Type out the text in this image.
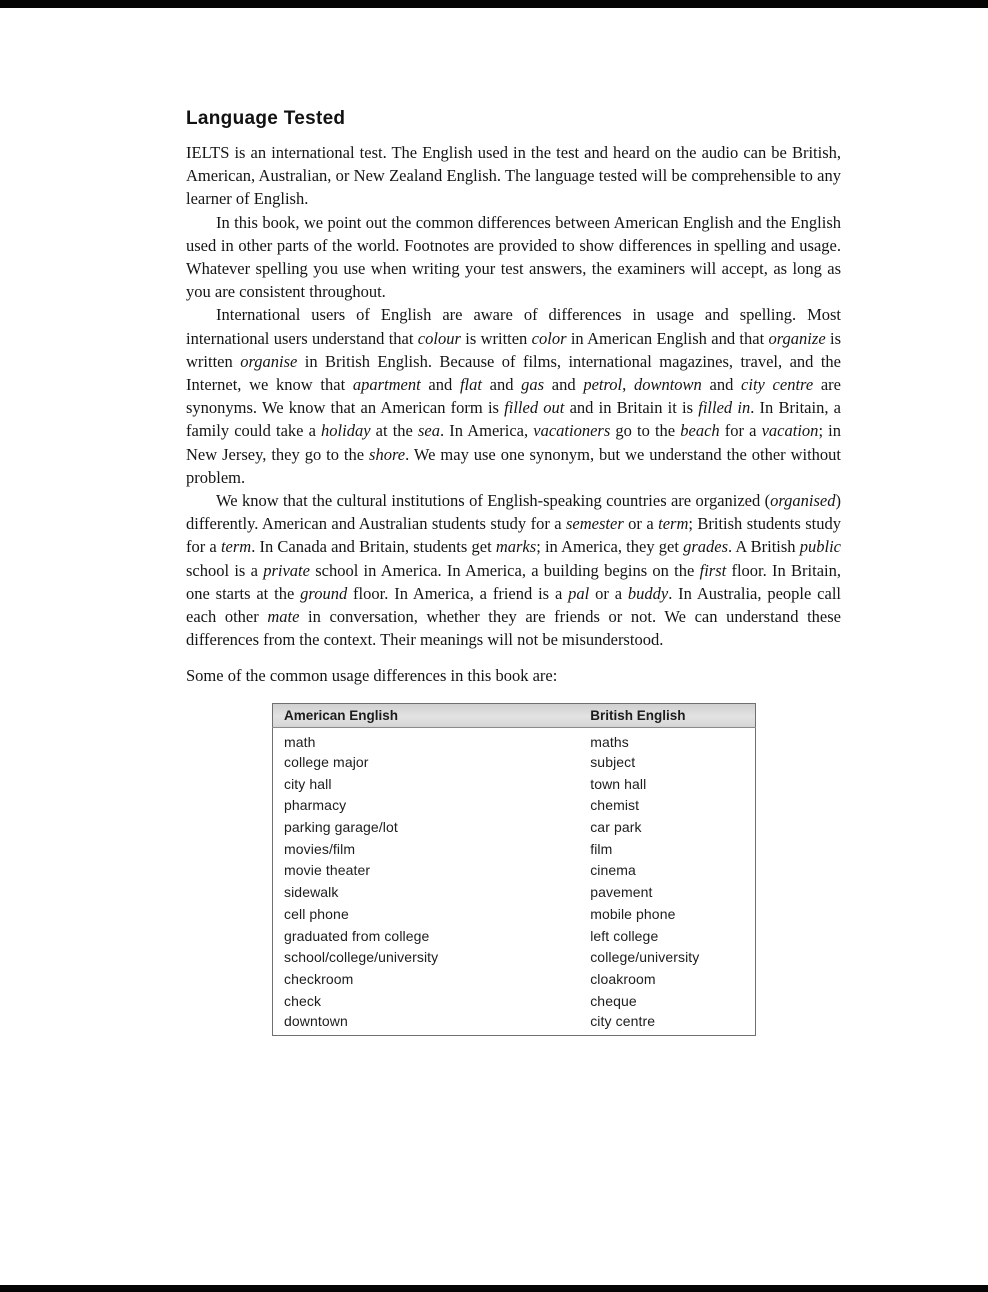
Language Tested

IELTS is an international test. The English used in the test and heard on the audio can be British, American, Australian, or New Zealand English. The language tested will be comprehensible to any learner of English.

In this book, we point out the common differences between American English and the English used in other parts of the world. Footnotes are provided to show differences in spelling and usage. Whatever spelling you use when writing your test answers, the examiners will accept, as long as you are consistent throughout.

International users of English are aware of differences in usage and spelling. Most international users understand that colour is written color in American English and that organize is written organise in British English. Because of films, international magazines, travel, and the Internet, we know that apartment and flat and gas and petrol, downtown and city centre are synonyms. We know that an American form is filled out and in Britain it is filled in. In Britain, a family could take a holiday at the sea. In America, vacationers go to the beach for a vacation; in New Jersey, they go to the shore. We may use one synonym, but we understand the other without problem.

We know that the cultural institutions of English-speaking countries are organized (organised) differently. American and Australian students study for a semester or a term; British students study for a term. In Canada and Britain, students get marks; in America, they get grades. A British public school is a private school in America. In America, a building begins on the first floor. In Britain, one starts at the ground floor. In America, a friend is a pal or a buddy. In Australia, people call each other mate in conversation, whether they are friends or not. We can understand these differences from the context. Their meanings will not be misunderstood.

Some of the common usage differences in this book are:

American English	British English
math	maths
college major	subject
city hall	town hall
pharmacy	chemist
parking garage/lot	car park
movies/film	film
movie theater	cinema
sidewalk	pavement
cell phone	mobile phone
graduated from college	left college
school/college/university	college/university
checkroom	cloakroom
check	cheque
downtown	city centre
